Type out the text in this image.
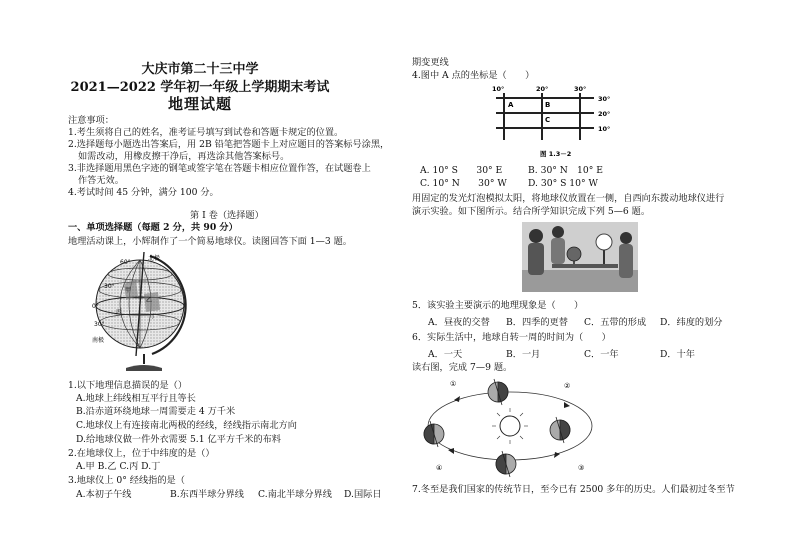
大庆市第二十三中学
2021—2022 学年初一年级上学期期末考试
地理试题
注意事项：
1.考生须将自己的姓名，准考证号填写到试卷和答题卡规定的位置。
2.选择题每小题选出答案后，用 2B 铅笔把答题卡上对应题目的答案标号涂黑，
如需改动，用橡皮擦干净后，再选涂其他答案标号。
3.非选择题用黑色字迹的钢笔或签字笔在答题卡相应位置作答，在试题卷上
作答无效。
4.考试时间 45 分钟，满分 100 分。
第 I 卷（选择题）
一、单项选择题（每题 2 分，共 90 分）
地理活动课上，小辉制作了一个简易地球仪。读图回答下面 1—3 题。
北极
60°
30°
0°
30°
甲
乙
丙
丁
南极
1.以下地理信息描误的是（）
A.地球上纬线相互平行且等长
B.沿赤道环绕地球一周需要走 4 万千米
C.地球仪上有连接南北两极的经线，经线指示南北方向
D.给地球仪做一件外衣需要 5.1 亿平方千米的布料
2.在地球仪上，位于中纬度的是（）
A.甲 B.乙 C.丙 D.丁
3.地球仪上 0° 经线指的是（
A.本初子午线	B.东西半球分界线 C.南北半球分界线 D.国际日
期变更线
4.图中 A 点的坐标是（　　）
10°	20°	30°
30°
20°
10°
A	B
C
图 1.3－2
A. 10° S　　30° E	B. 30° N　10° E
C. 10° N　　30° W D. 30° S 10° W
用固定的发光灯泡模拟太阳，将地球仪放置在一侧，自西向东拨动地球仪进行
演示实验。如下图所示。结合所学知识完成下列 5—6 题。
5．该实验主要演示的地理现象是（　　）
A．昼夜的交替 B．四季的更替 C．五带的形成 D．纬度的划分
6．实际生活中，地球自转一周的时间为（　　）
A．一天	B．一月	C．一年	D．十年
读右图，完成 7—9 题。
①	②
③
④
7.冬至是我们国家的传统节日，至今已有 2500 多年的历史。人们最初过冬至节
